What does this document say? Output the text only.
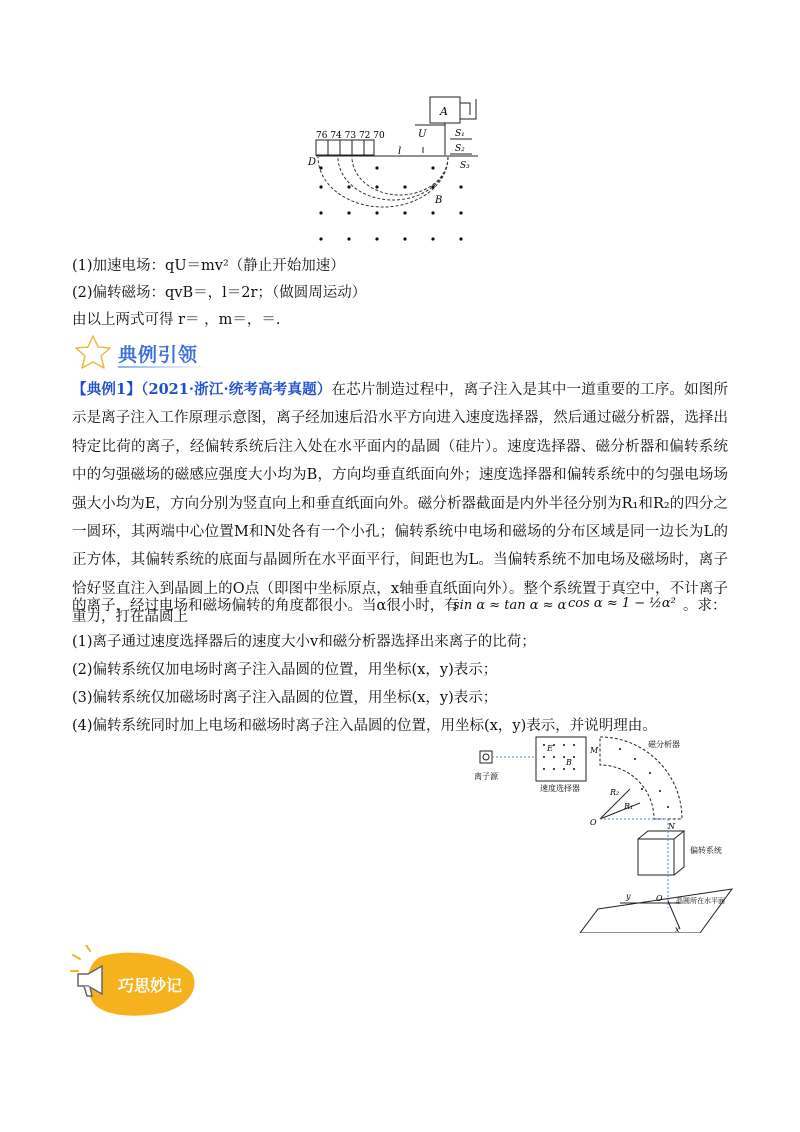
A
U	S₁
S₂
S₃
76 74 73 72 70
D
l
B
(1)加速电场：qU＝mv²（静止开始加速）
(2)偏转磁场：qvB＝，l＝2r；（做圆周运动）
由以上两式可得 r＝ ，m＝，＝.
典例引领
【典例1】（2021·浙江·统考高考真题）在芯片制造过程中，离子注入是其中一道重要的工序。如图所示是离子注入工作原理示意图，离子经加速后沿水平方向进入速度选择器，然后通过磁分析器，选择出特定比荷的离子，经偏转系统后注入处在水平面内的晶圆（硅片）。速度选择器、磁分析器和偏转系统中的匀强磁场的磁感应强度大小均为B，方向均垂直纸面向外；速度选择器和偏转系统中的匀强电场场强大小均为E，方向分别为竖直向上和垂直纸面向外。磁分析器截面是内外半径分别为R₁和R₂的四分之一圆环，其两端中心位置M和N处各有一个小孔；偏转系统中电场和磁场的分布区域是同一边长为L的正方体，其偏转系统的底面与晶圆所在水平面平行，间距也为L。当偏转系统不加电场及磁场时，离子恰好竖直注入到晶圆上的O点（即图中坐标原点，x轴垂直纸面向外）。整个系统置于真空中，不计离子重力，打在晶圆上
的离子，经过电场和磁场偏转的角度都很小。当α很小时，有
sin α ≈ tan α ≈ α cos α ≈ 1 − ½α² 。求：
(1)离子通过速度选择器后的速度大小v和磁分析器选择出来离子的比荷；
(2)偏转系统仅加电场时离子注入晶圆的位置，用坐标(x，y)表示；
(3)偏转系统仅加磁场时离子注入晶圆的位置，用坐标(x，y)表示；
(4)偏转系统同时加上电场和磁场时离子注入晶圆的位置，用坐标(x，y)表示，并说明理由。
离子源
E
B
速度选择器
M
磁分析器
N
R₂
R₁
O
偏转系统
y
x
O 晶圆所在水平面
巧思妙记
